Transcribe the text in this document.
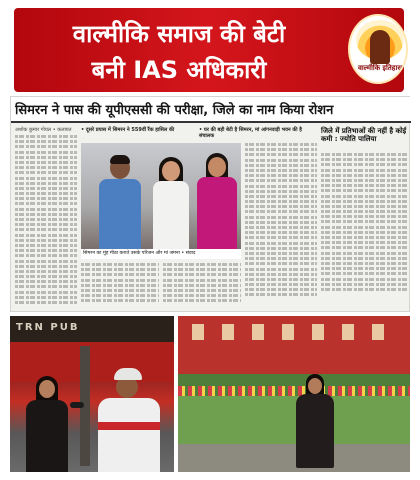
वाल्मीकि समाज की बेटी
बनी IAS अधिकारी	वाल्मीकि इतिहास
सिमरन ने पास की यूपीएससी की परीक्षा, जिले का नाम किया रोशन
अशोक कुमार गोयल • कलायत • दूसरे प्रयास में सिमरन ने 559वीं रैंक हासिल की	• घर की बड़ी बेटी है सिमरन, मां आंगनवाड़ी भवन की है संचालक
सिमरन का मुंह मीठा कराते उसके परिजन और मां जमना • संवाद
जिले में प्रतिभाओं की नहीं है कोई कमी : ज्योति पालिया
TRN PUB
